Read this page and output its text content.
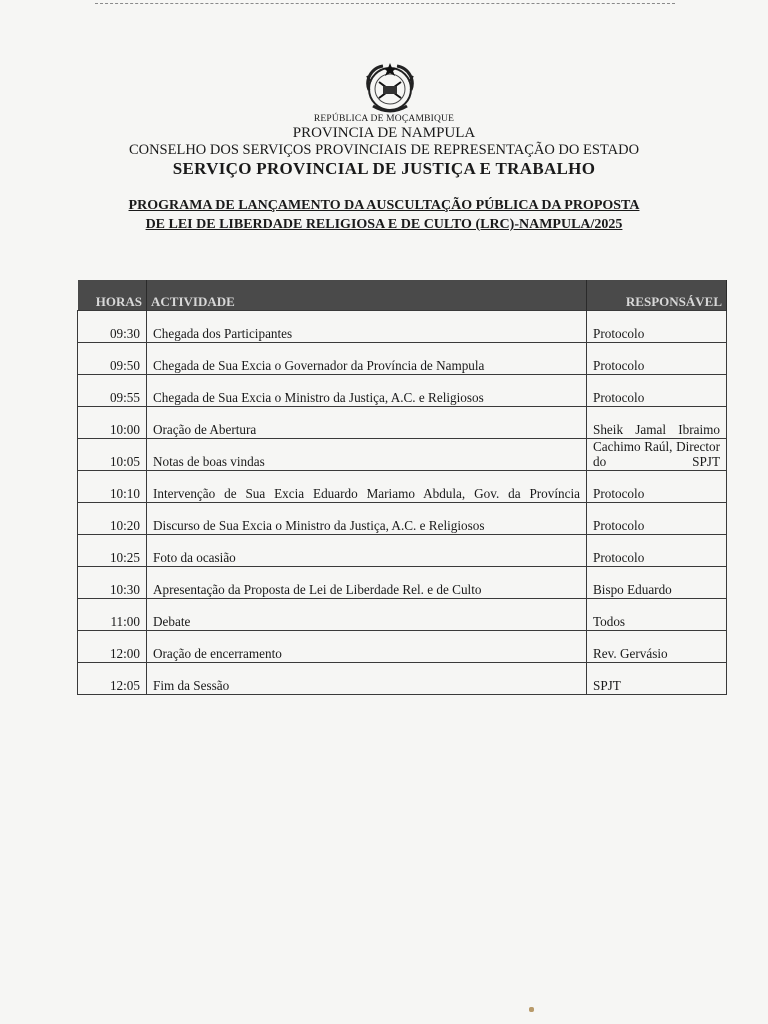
REPÚBLICA DE MOÇAMBIQUE
PROVINCIA DE NAMPULA
CONSELHO DOS SERVIÇOS PROVINCIAIS DE REPRESENTAÇÃO DO ESTADO
SERVIÇO PROVINCIAL DE JUSTIÇA E TRABALHO
PROGRAMA DE LANÇAMENTO DA AUSCULTAÇÃO PÚBLICA DA PROPOSTA
DE LEI DE LIBERDADE RELIGIOSA E DE CULTO (LRC)-NAMPULA/2025
HORAS	ACTIVIDADE	RESPONSÁVEL
09:30	Chegada dos Participantes	Protocolo
09:50	Chegada de Sua Excia o Governador da Província de Nampula	Protocolo
09:55	Chegada de Sua Excia o Ministro da Justiça, A.C. e Religiosos	Protocolo
10:00	Oração de Abertura	Sheik Jamal Ibraimo
10:05	Notas de boas vindas	Cachimo Raúl, Director do SPJT
10:10	Intervenção de Sua Excia Eduardo Mariamo Abdula, Gov. da Província	Protocolo
10:20	Discurso de Sua Excia o Ministro da Justiça, A.C. e Religiosos	Protocolo
10:25	Foto da ocasião	Protocolo
10:30	Apresentação da Proposta de Lei de Liberdade Rel. e de Culto	Bispo Eduardo
11:00	Debate	Todos
12:00	Oração de encerramento	Rev. Gervásio
12:05	Fim da Sessão	SPJT
